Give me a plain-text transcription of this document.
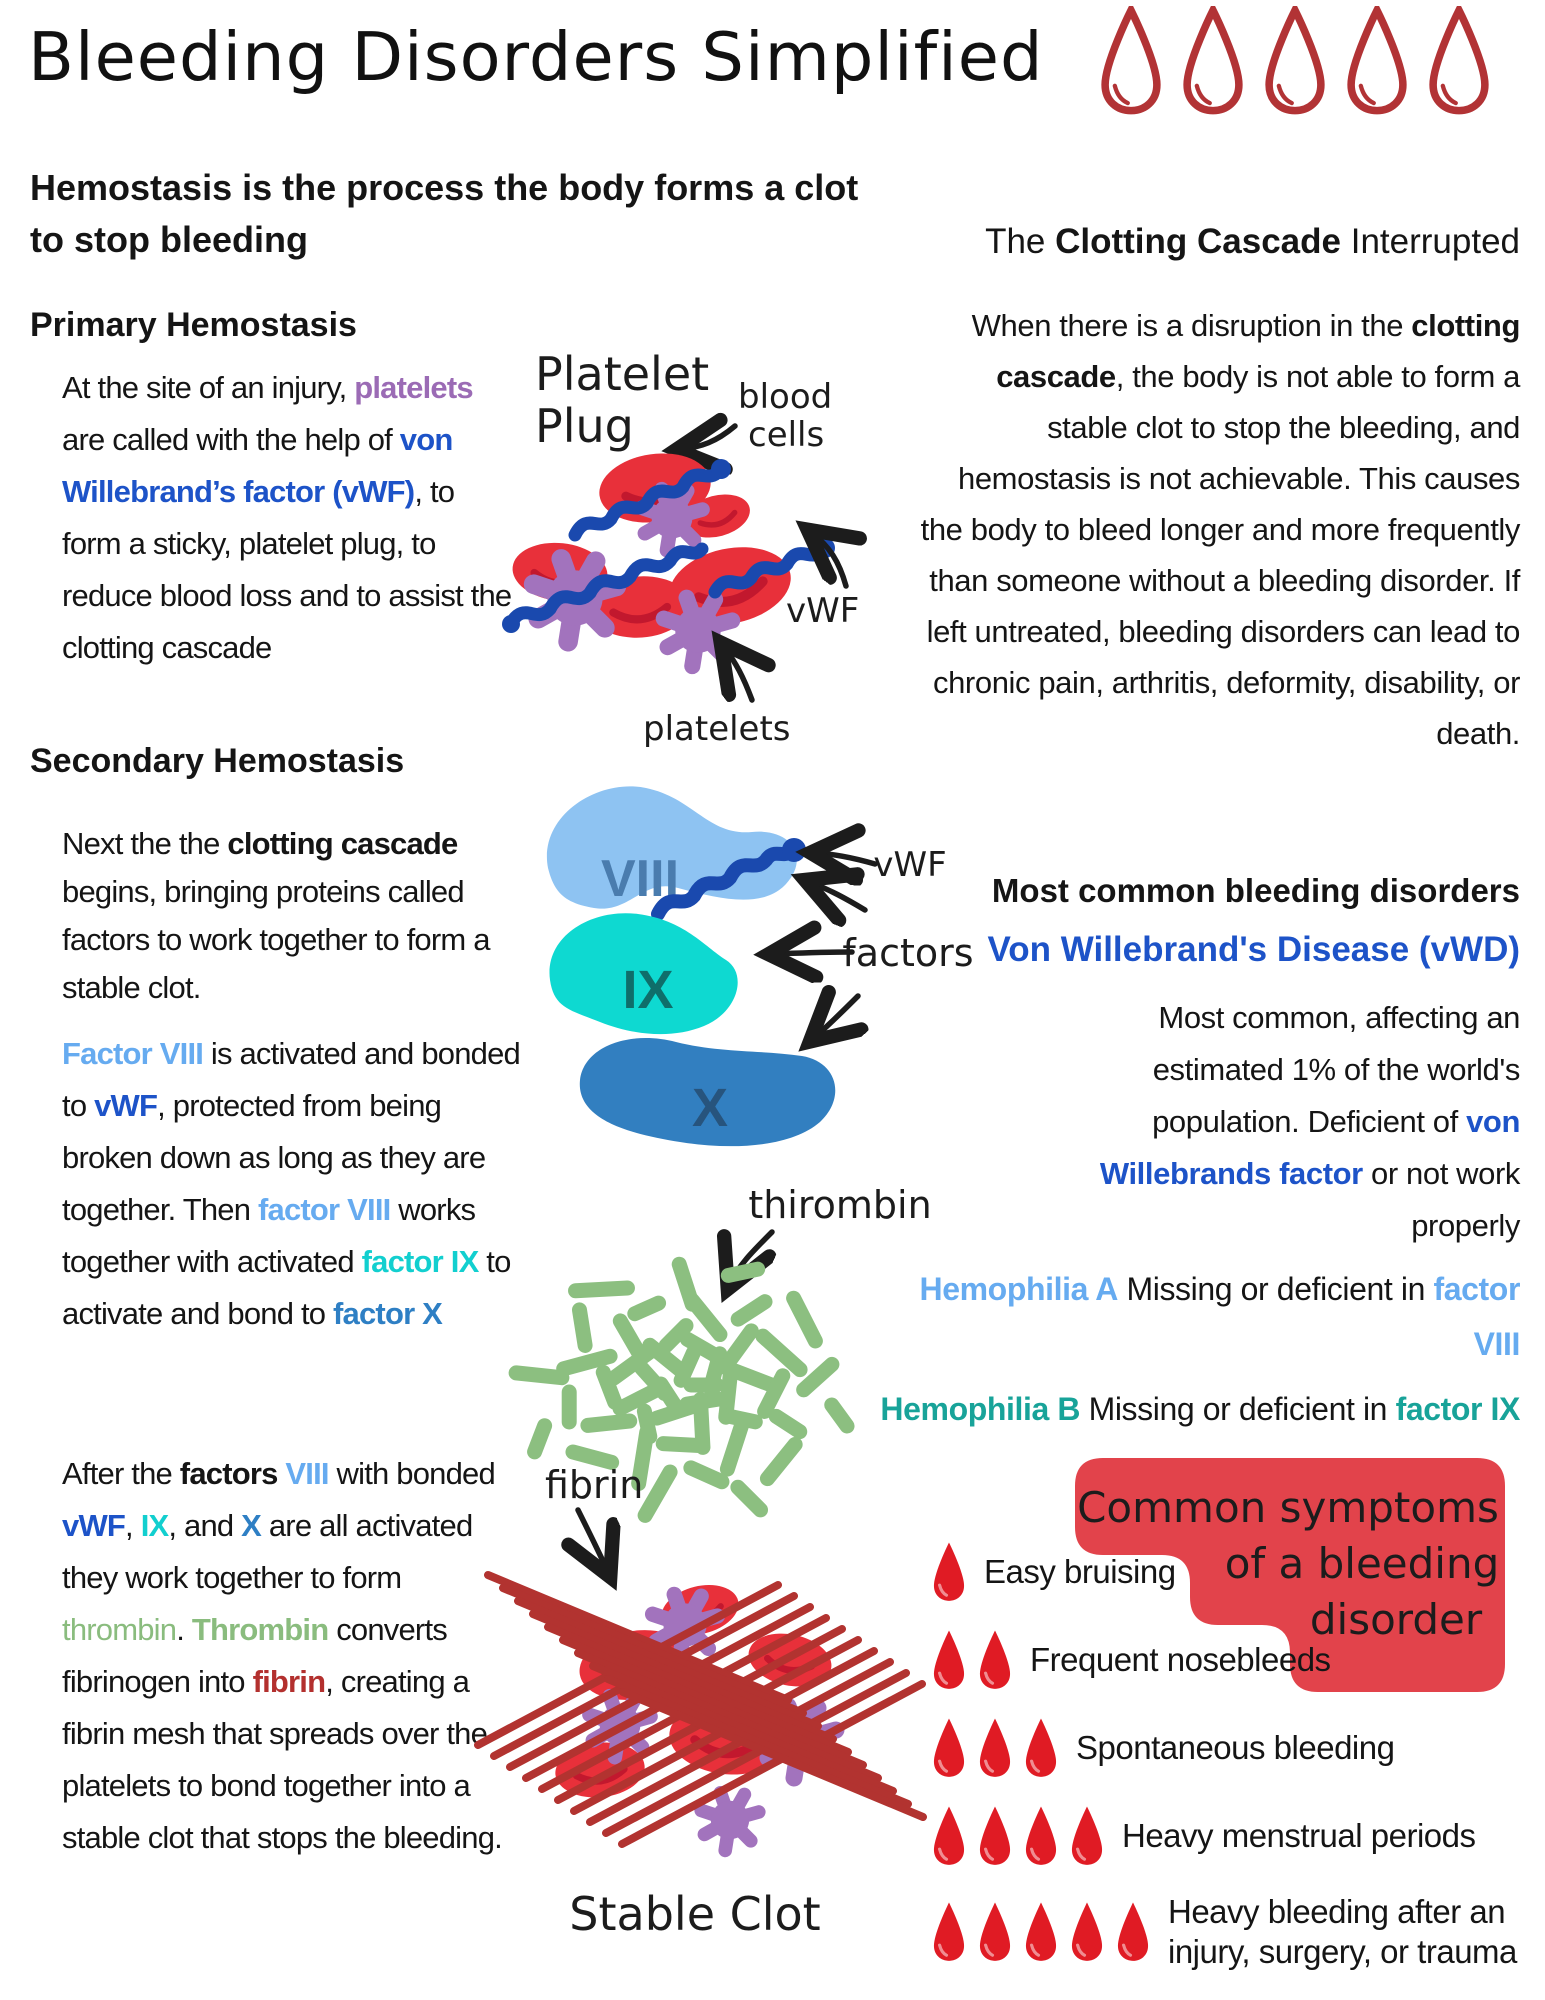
Bleeding Disorders Simplified
Hemostasis is the process the body forms a clot to stop bleeding
Primary Hemostasis
At the site of an injury, platelets are called with the help of von Willebrand’s factor (vWF), to form a sticky, platelet plug, to reduce blood loss and to assist the clotting cascade
Secondary Hemostasis
Next the the clotting cascade begins, bringing proteins called factors to work together to form a stable clot.
Factor VIII is activated and bonded to vWF, protected from being broken down as long as they are together. Then factor VIII works together with activated factor IX to activate and bond to factor X
After the factors VIII with bonded vWF, IX, and X are all activated they work together to form thrombin. Thrombin converts fibrinogen into fibrin, creating a fibrin mesh that spreads over the platelets to bond together into a stable clot that stops the bleeding.
The Clotting Cascade Interrupted
When there is a disruption in the clotting cascade, the body is not able to form a stable clot to stop the bleeding, and hemostasis is not achievable. This causes the body to bleed longer and more frequently than someone without a bleeding disorder. If left untreated, bleeding disorders can lead to chronic pain, arthritis, deformity, disability, or death.
Most common bleeding disorders
Von Willebrand's Disease (vWD)
Most common, affecting an estimated 1% of the world's population. Deficient of von Willebrands factor or not work properly
Hemophilia A Missing or deficient in factor VIII
Hemophilia B Missing or deficient in factor IX
Platelet
Plug
blood
cells
vWF
platelets
VIII
IX
X
vWF
factors
thirombin
fibrin
Stable Clot
Common symptoms
of a bleeding
disorder
Easy bruising
Frequent nosebleeds
Spontaneous bleeding
Heavy menstrual periods
Heavy bleeding after an injury, surgery, or trauma
